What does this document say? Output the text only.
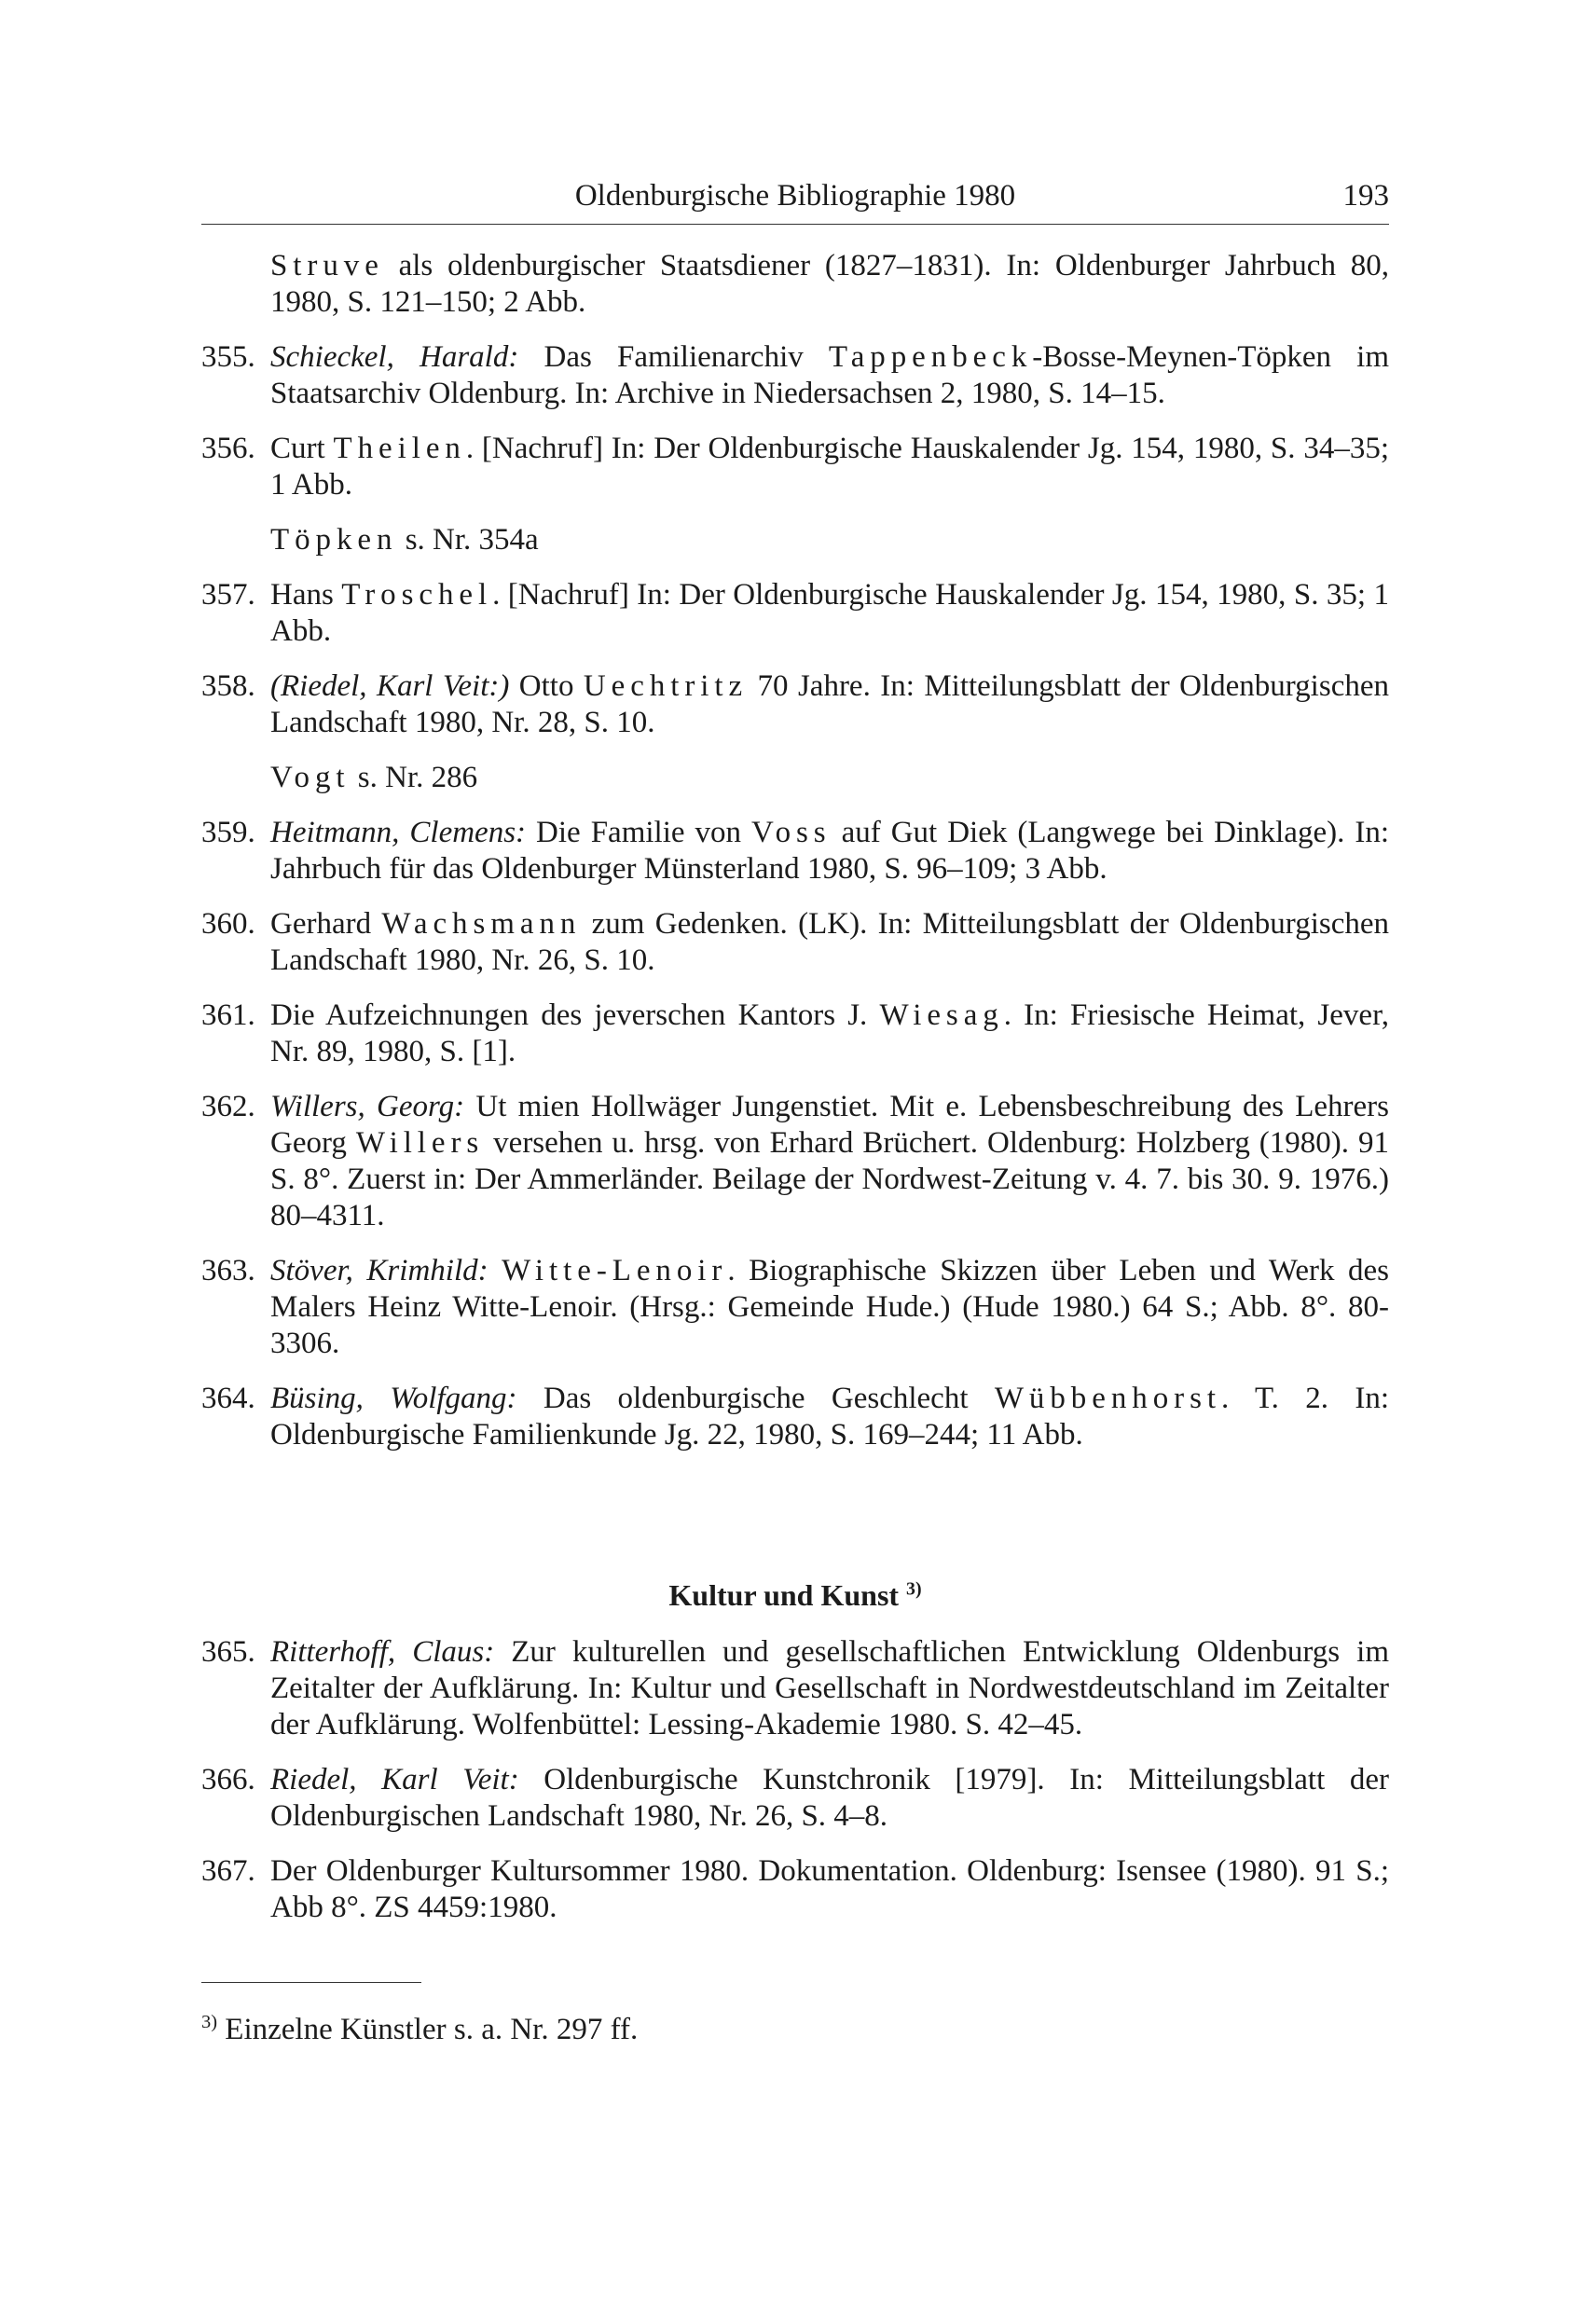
Oldenburgische Bibliographie 1980	193
Struve als oldenburgischer Staatsdiener (1827–1831). In: Oldenburger Jahrbuch 80, 1980, S. 121–150; 2 Abb.
355. Schieckel, Harald: Das Familienarchiv Tappenbeck-Bosse-Meynen-Töpken im Staatsarchiv Oldenburg. In: Archive in Niedersachsen 2, 1980, S. 14–15.
356. Curt Theilen. [Nachruf] In: Der Oldenburgische Hauskalender Jg. 154, 1980, S. 34–35; 1 Abb.
Töpken s. Nr. 354a
357. Hans Troschel. [Nachruf] In: Der Oldenburgische Hauskalender Jg. 154, 1980, S. 35; 1 Abb.
358. (Riedel, Karl Veit:) Otto Uechtritz 70 Jahre. In: Mitteilungsblatt der Oldenburgischen Landschaft 1980, Nr. 28, S. 10.
Vogt s. Nr. 286
359. Heitmann, Clemens: Die Familie von Voss auf Gut Diek (Langwege bei Dinklage). In: Jahrbuch für das Oldenburger Münsterland 1980, S. 96–109; 3 Abb.
360. Gerhard Wachsmann zum Gedenken. (LK). In: Mitteilungsblatt der Oldenburgischen Landschaft 1980, Nr. 26, S. 10.
361. Die Aufzeichnungen des jeverschen Kantors J. Wiesag. In: Friesische Heimat, Jever, Nr. 89, 1980, S. [1].
362. Willers, Georg: Ut mien Hollwäger Jungenstiet. Mit e. Lebensbeschreibung des Lehrers Georg Willers versehen u. hrsg. von Erhard Brüchert. Oldenburg: Holzberg (1980). 91 S. 8°. Zuerst in: Der Ammerländer. Beilage der Nordwest-Zeitung v. 4. 7. bis 30. 9. 1976.) 80–4311.
363. Stöver, Krimhild: Witte-Lenoir. Biographische Skizzen über Leben und Werk des Malers Heinz Witte-Lenoir. (Hrsg.: Gemeinde Hude.) (Hude 1980.) 64 S.; Abb. 8°. 80-3306.
364. Büsing, Wolfgang: Das oldenburgische Geschlecht Wübbenhorst. T. 2. In: Oldenburgische Familienkunde Jg. 22, 1980, S. 169–244; 11 Abb.
Kultur und Kunst $^{3)}$
365. Ritterhoff, Claus: Zur kulturellen und gesellschaftlichen Entwicklung Oldenburgs im Zeitalter der Aufklärung. In: Kultur und Gesellschaft in Nordwestdeutschland im Zeitalter der Aufklärung. Wolfenbüttel: Lessing-Akademie 1980. S. 42–45.
366. Riedel, Karl Veit: Oldenburgische Kunstchronik [1979]. In: Mitteilungsblatt der Oldenburgischen Landschaft 1980, Nr. 26, S. 4–8.
367. Der Oldenburger Kultursommer 1980. Dokumentation. Oldenburg: Isensee (1980). 91 S.; Abb 8°. ZS 4459:1980.
$^{3)}$ Einzelne Künstler s. a. Nr. 297 ff.
